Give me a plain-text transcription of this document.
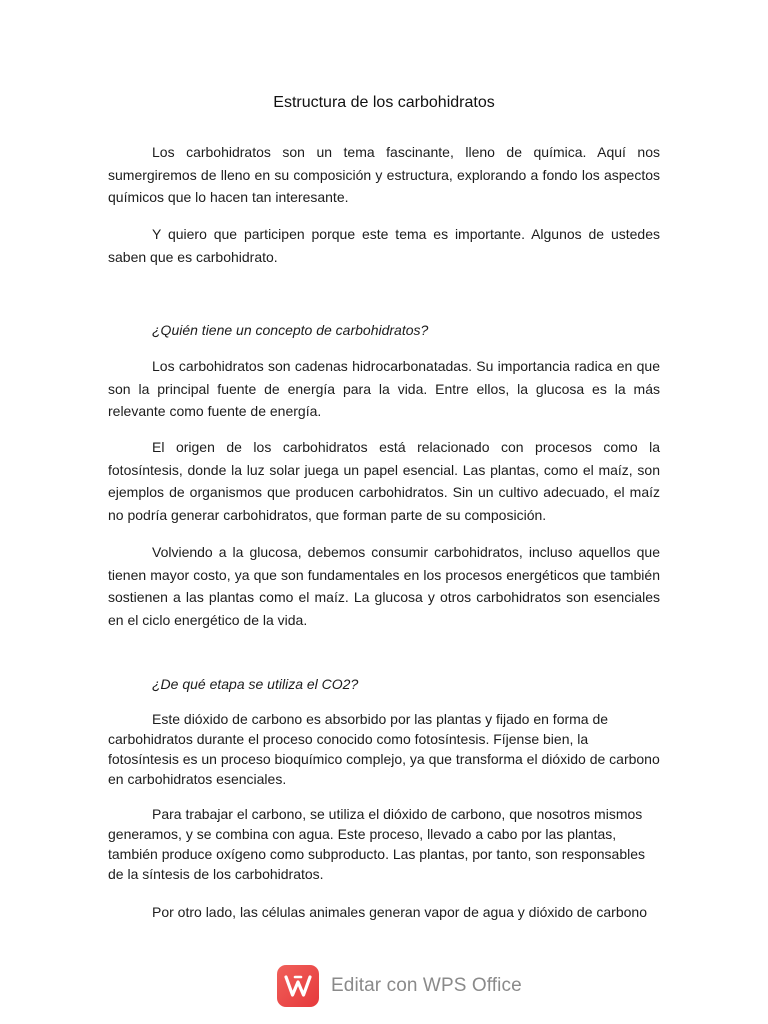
Estructura de los carbohidratos

Los carbohidratos son un tema fascinante, lleno de química. Aquí nos sumergiremos de lleno en su composición y estructura, explorando a fondo los aspectos químicos que lo hacen tan interesante.

Y quiero que participen porque este tema es importante. Algunos de ustedes saben que es carbohidrato.

¿Quién tiene un concepto de carbohidratos?

Los carbohidratos son cadenas hidrocarbonatadas. Su importancia radica en que son la principal fuente de energía para la vida. Entre ellos, la glucosa es la más relevante como fuente de energía.

El origen de los carbohidratos está relacionado con procesos como la fotosíntesis, donde la luz solar juega un papel esencial. Las plantas, como el maíz, son ejemplos de organismos que producen carbohidratos. Sin un cultivo adecuado, el maíz no podría generar carbohidratos, que forman parte de su composición.

Volviendo a la glucosa, debemos consumir carbohidratos, incluso aquellos que tienen mayor costo, ya que son fundamentales en los procesos energéticos que también sostienen a las plantas como el maíz. La glucosa y otros carbohidratos son esenciales en el ciclo energético de la vida.

¿De qué etapa se utiliza el CO2?

Este dióxido de carbono es absorbido por las plantas y fijado en forma de carbohidratos durante el proceso conocido como fotosíntesis. Fíjense bien, la fotosíntesis es un proceso bioquímico complejo, ya que transforma el dióxido de carbono en carbohidratos esenciales.

Para trabajar el carbono, se utiliza el dióxido de carbono, que nosotros mismos generamos, y se combina con agua. Este proceso, llevado a cabo por las plantas, también produce oxígeno como subproducto. Las plantas, por tanto, son responsables de la síntesis de los carbohidratos.

Por otro lado, las células animales generan vapor de agua y dióxido de carbono

Editar con WPS Office
